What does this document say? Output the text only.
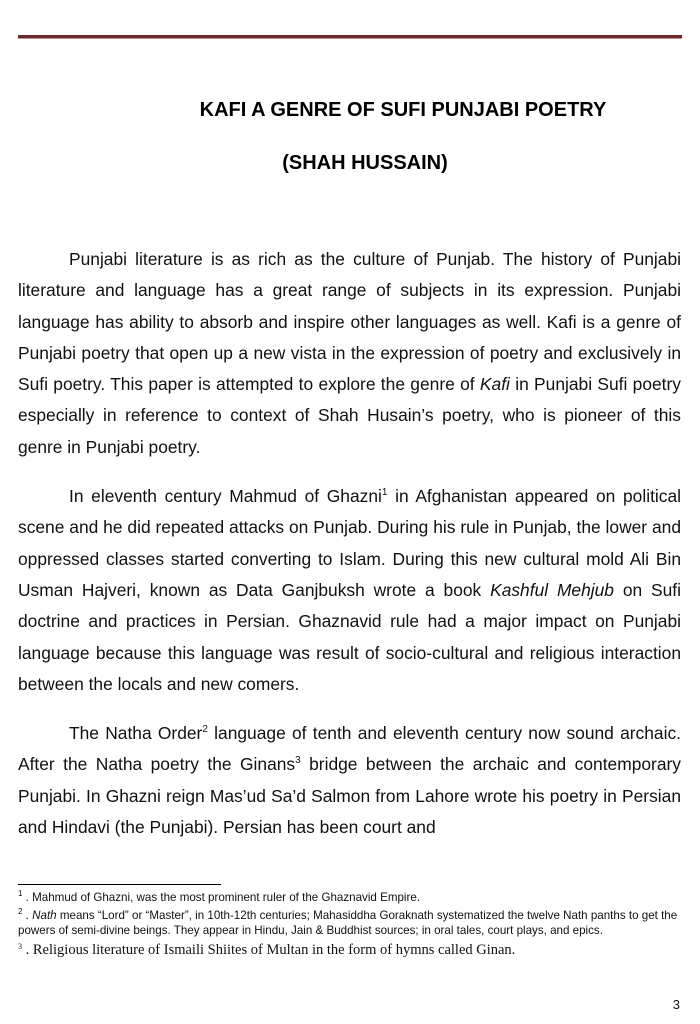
KAFI A GENRE OF SUFI PUNJABI POETRY
(SHAH HUSSAIN)

Punjabi literature is as rich as the culture of Punjab. The history of Punjabi literature and language has a great range of subjects in its expression. Punjabi language has ability to absorb and inspire other languages as well. Kafi is a genre of Punjabi poetry that open up a new vista in the expression of poetry and exclusively in Sufi poetry. This paper is attempted to explore the genre of Kafi in Punjabi Sufi poetry especially in reference to context of Shah Husain’s poetry, who is pioneer of this genre in Punjabi poetry.

In eleventh century Mahmud of Ghazni$^1$ in Afghanistan appeared on political scene and he did repeated attacks on Punjab. During his rule in Punjab, the lower and oppressed classes started converting to Islam. During this new cultural mold Ali Bin Usman Hajveri, known as Data Ganjbuksh wrote a book Kashful Mehjub on Sufi doctrine and practices in Persian. Ghaznavid rule had a major impact on Punjabi language because this language was result of socio-cultural and religious interaction between the locals and new comers.

The Natha Order$^2$ language of tenth and eleventh century now sound archaic. After the Natha poetry the Ginans$^3$ bridge between the archaic and contemporary Punjabi. In Ghazni reign Mas’ud Sa’d Salmon from Lahore wrote his poetry in Persian and Hindavi (the Punjabi). Persian has been court and

$^1$ . Mahmud of Ghazni, was the most prominent ruler of the Ghaznavid Empire.

$^2$ . Nath means “Lord” or “Master”, in 10th-12th centuries; Mahasiddha Goraknath systematized the twelve Nath panths to get the powers of semi-divine beings. They appear in Hindu, Jain & Buddhist sources; in oral tales, court plays, and epics.

$^3$ . Religious literature of Ismaili Shiites of Multan in the form of hymns called Ginan.

3
